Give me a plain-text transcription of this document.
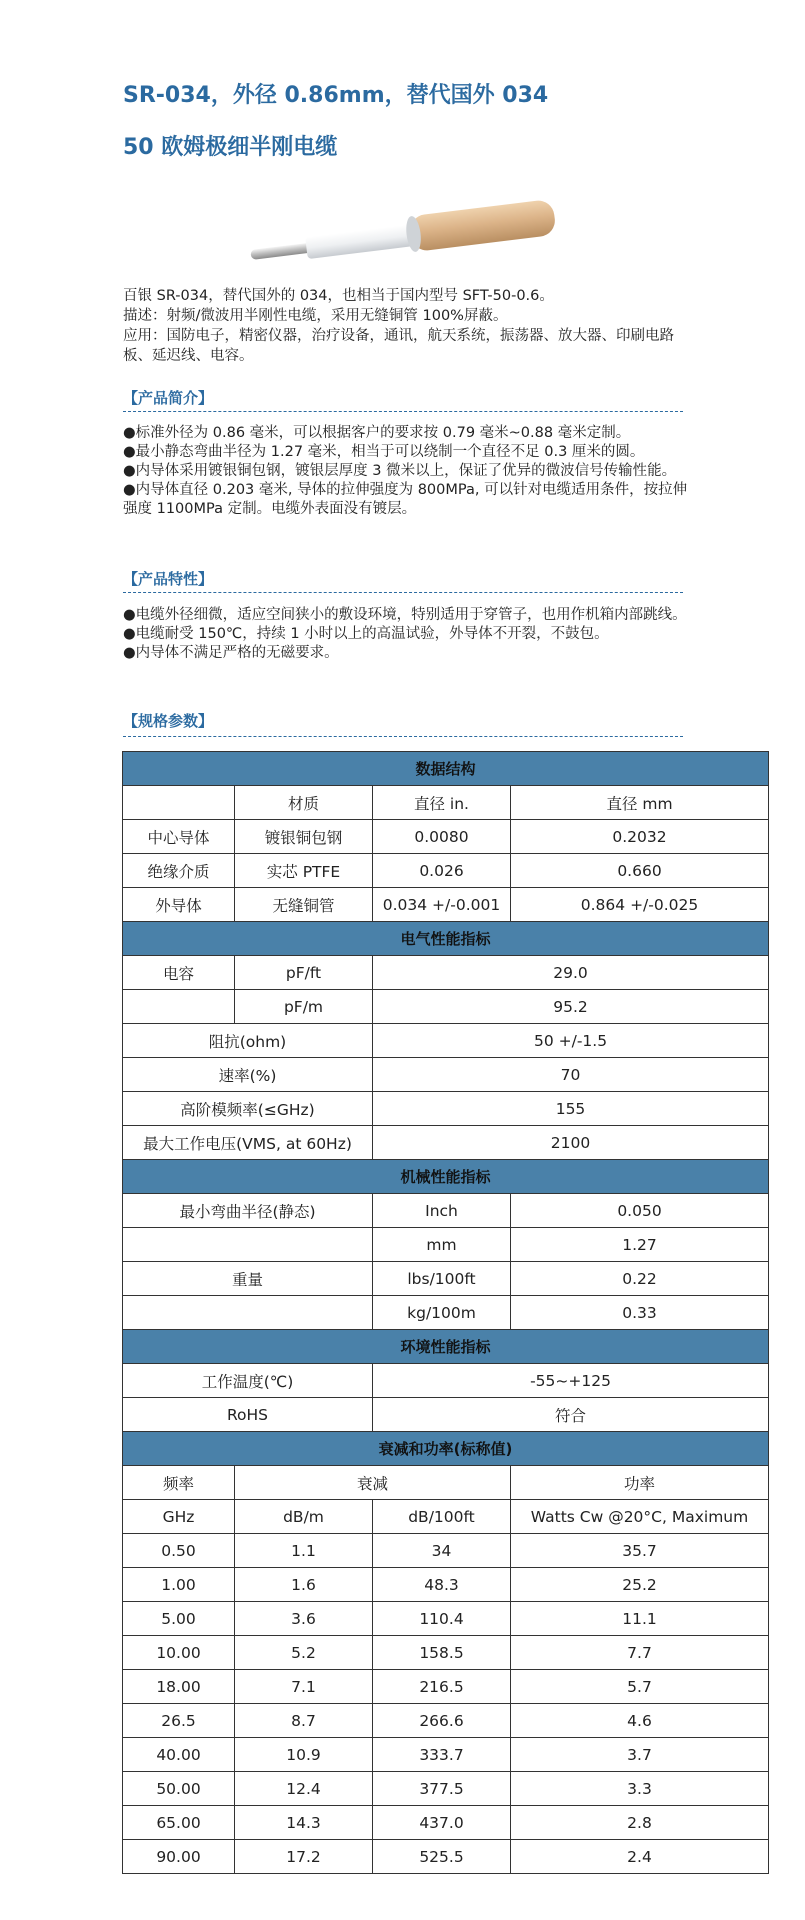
SR-034，外径 0.86mm，替代国外 034
50 欧姆极细半刚电缆
百银 SR-034，替代国外的 034，也相当于国内型号 SFT-50-0.6。
描述：射频/微波用半刚性电缆，采用无缝铜管 100%屏蔽。
应用：国防电子，精密仪器，治疗设备，通讯，航天系统，振荡器、放大器、印刷电路板、延迟线、电容。
【产品简介】

●标准外径为 0.86 毫米，可以根据客户的要求按 0.79 毫米~0.88 毫米定制。

●最小静态弯曲半径为 1.27 毫米，相当于可以绕制一个直径不足 0.3 厘米的圆。

●内导体采用镀银铜包钢，镀银层厚度 3 微米以上，保证了优异的微波信号传输性能。

●内导体直径 0.203 毫米, 导体的拉伸强度为 800MPa, 可以针对电缆适用条件，按拉伸强度 1100MPa 定制。电缆外表面没有镀层。

【产品特性】

●电缆外径细微，适应空间狭小的敷设环境，特别适用于穿管子，也用作机箱内部跳线。

●电缆耐受 150℃，持续 1 小时以上的高温试验，外导体不开裂，不鼓包。

●内导体不满足严格的无磁要求。

【规格参数】
数据结构			
	材质	直径 in.	直径 mm
中心导体	镀银铜包钢	0.0080	0.2032
绝缘介质	实芯 PTFE	0.026	0.660
外导体	无缝铜管	0.034 +/-0.001	0.864 +/-0.025
电气性能指标			
电容	pF/ft	29.0	
	pF/m	95.2	
阻抗(ohm)		50 +/-1.5	
速率(%)		70	
高阶模频率(≤GHz)		155	
最大工作电压(VMS, at 60Hz)		2100	
机械性能指标			
最小弯曲半径(静态)		Inch	0.050
		mm	1.27
重量		lbs/100ft	0.22
		kg/100m	0.33
环境性能指标			
工作温度(℃)		-55~+125	
RoHS		符合	
衰减和功率(标称值)			
频率	衰减		功率
GHz	dB/m	dB/100ft	Watts Cw @20°C, Maximum
0.50	1.1	34	35.7
1.00	1.6	48.3	25.2
5.00	3.6	110.4	11.1
10.00	5.2	158.5	7.7
18.00	7.1	216.5	5.7
26.5	8.7	266.6	4.6
40.00	10.9	333.7	3.7
50.00	12.4	377.5	3.3
65.00	14.3	437.0	2.8
90.00	17.2	525.5	2.4
